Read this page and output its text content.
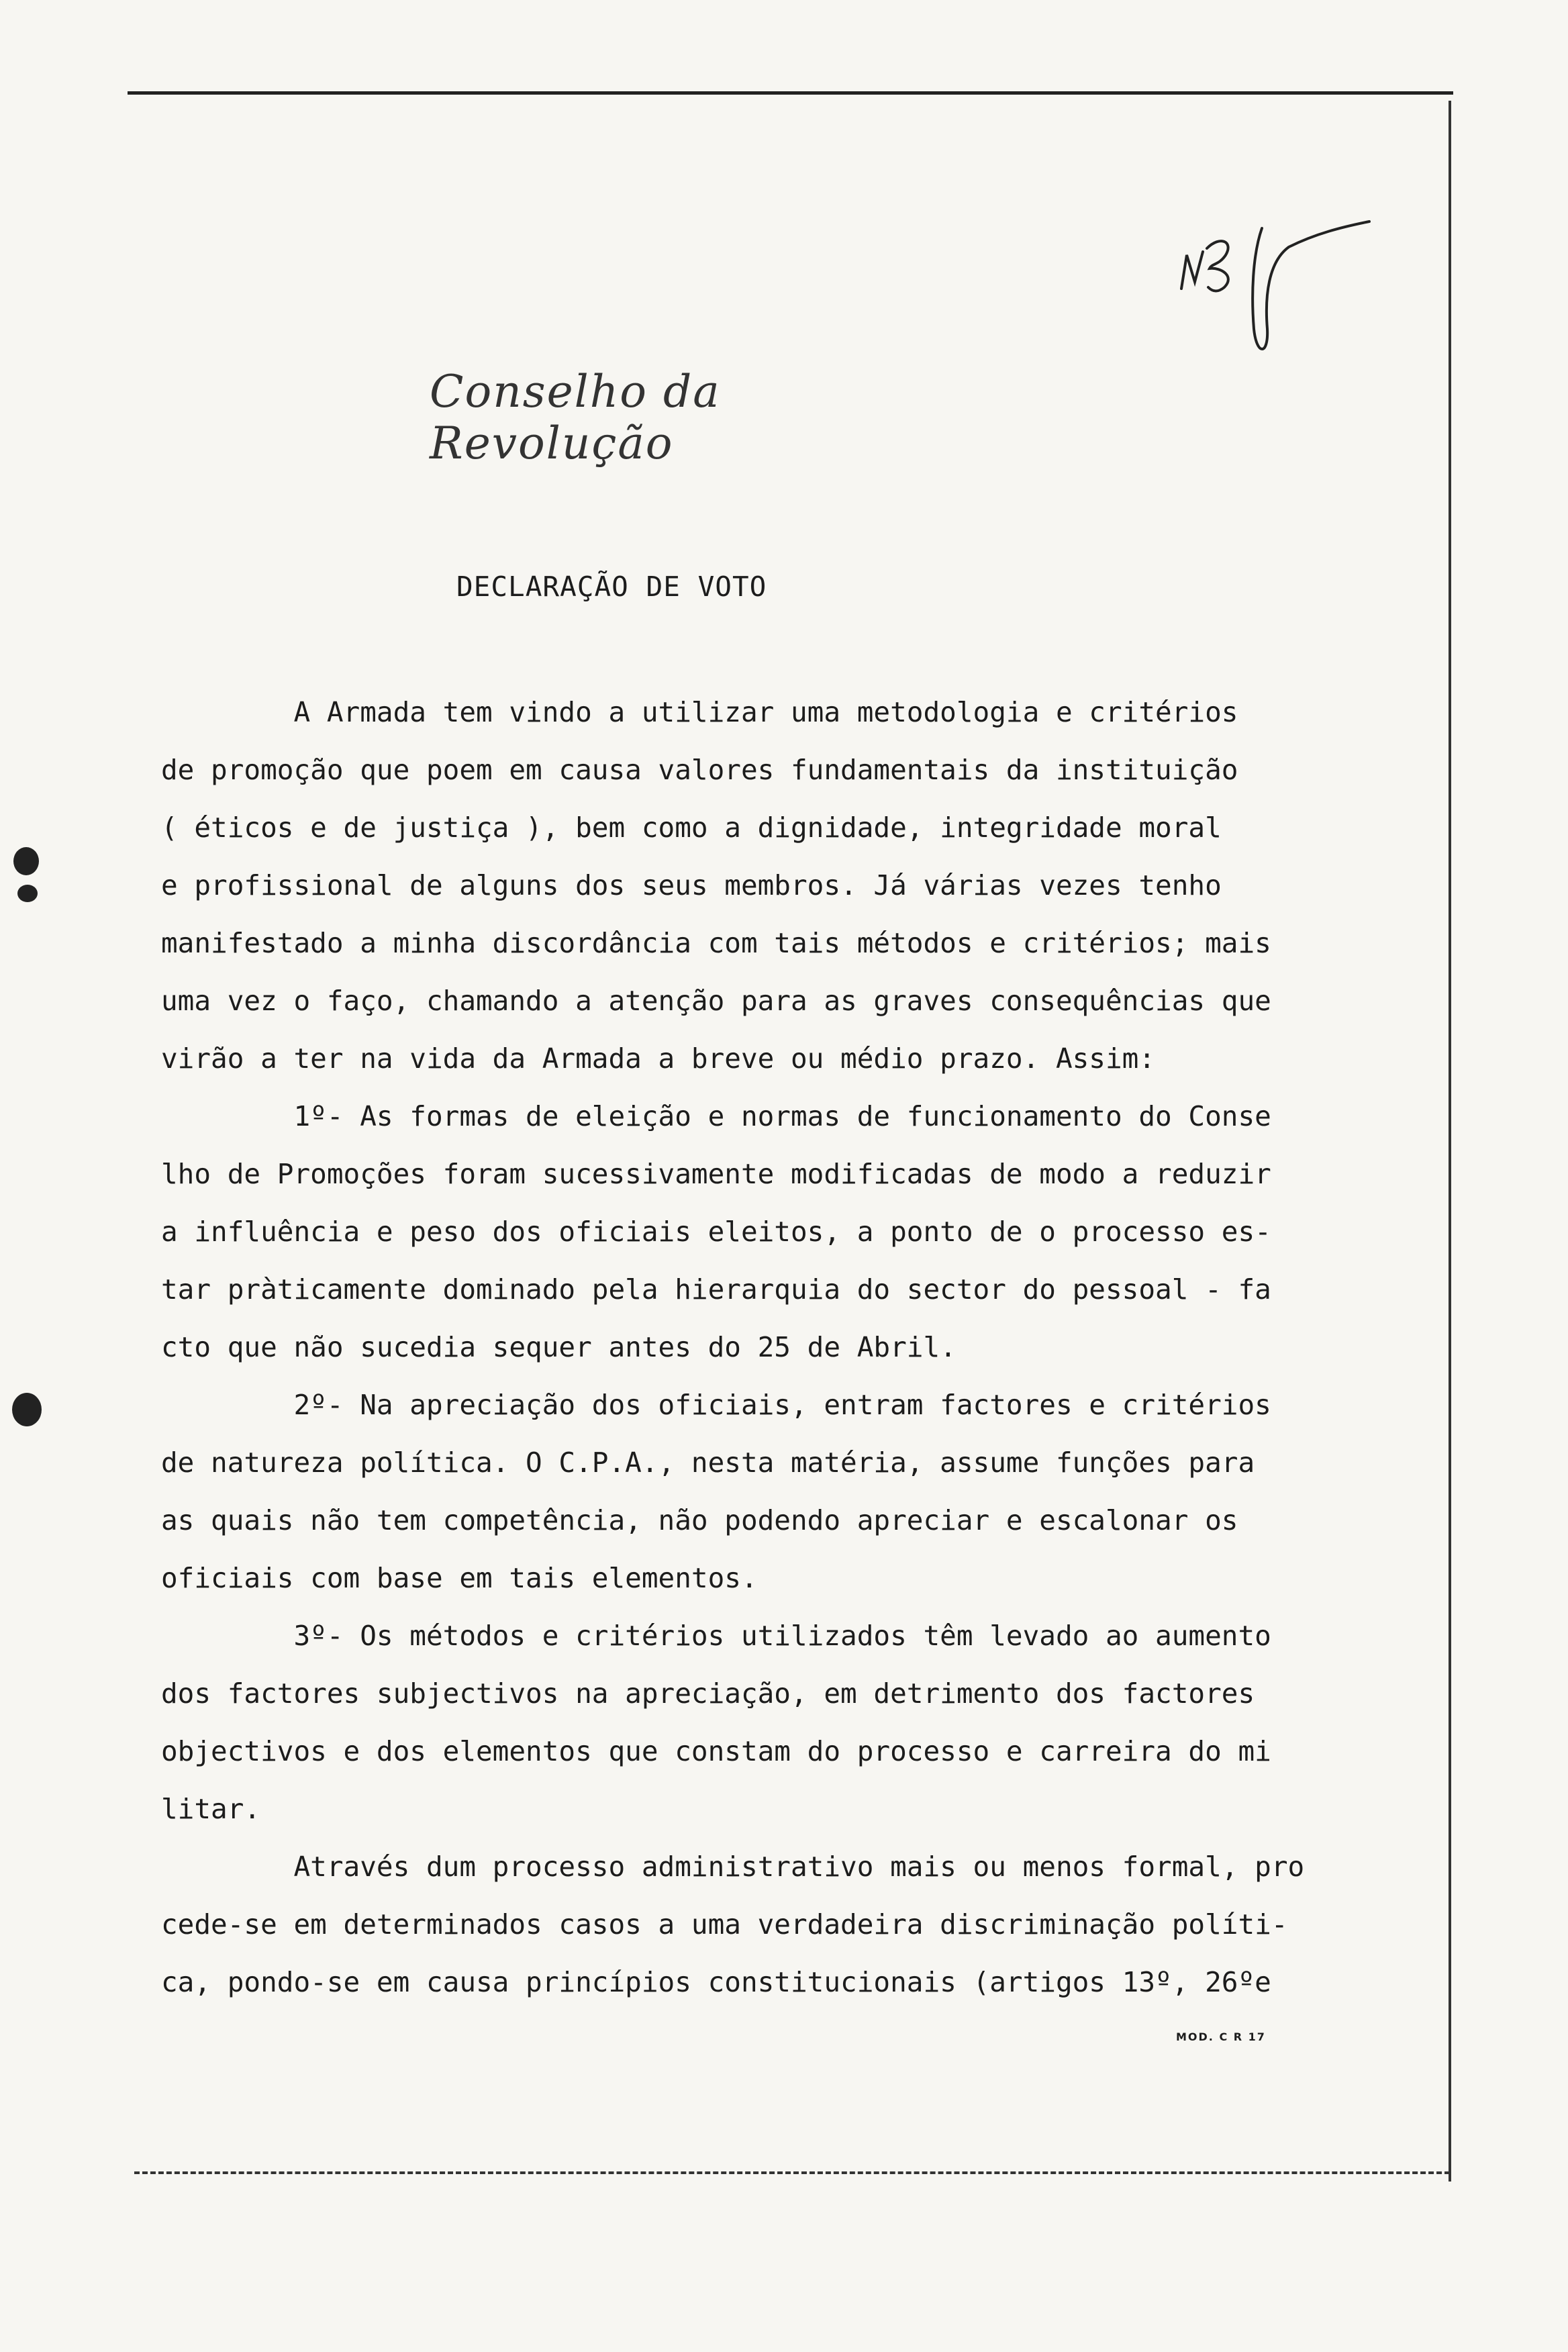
Conselho da Revolução
DECLARAÇÃO DE VOTO
A Armada tem vindo a utilizar uma metodologia e critérios
de promoção que poem em causa valores fundamentais da instituição
( éticos e de justiça ), bem como a dignidade, integridade moral
e profissional de alguns dos seus membros. Já várias vezes tenho
manifestado a minha discordância com tais métodos e critérios; mais
uma vez o faço, chamando a atenção para as graves consequências que
virão a ter na vida da Armada a breve ou médio prazo. Assim:
1º- As formas de eleição e normas de funcionamento do Conse
lho de Promoções foram sucessivamente modificadas de modo a reduzir
a influência e peso dos oficiais eleitos, a ponto de o processo es-
tar pràticamente dominado pela hierarquia do sector do pessoal - fa
cto que não sucedia sequer antes do 25 de Abril.
2º- Na apreciação dos oficiais, entram factores e critérios
de natureza política. O C.P.A., nesta matéria, assume funções para
as quais não tem competência, não podendo apreciar e escalonar os
oficiais com base em tais elementos.
3º- Os métodos e critérios utilizados têm levado ao aumento
dos factores subjectivos na apreciação, em detrimento dos factores
objectivos e dos elementos que constam do processo e carreira do mi
litar.
Através dum processo administrativo mais ou menos formal, pro
cede-se em determinados casos a uma verdadeira discriminação políti-
ca, pondo-se em causa princípios constitucionais (artigos 13º, 26ºe
MOD. C R 17
